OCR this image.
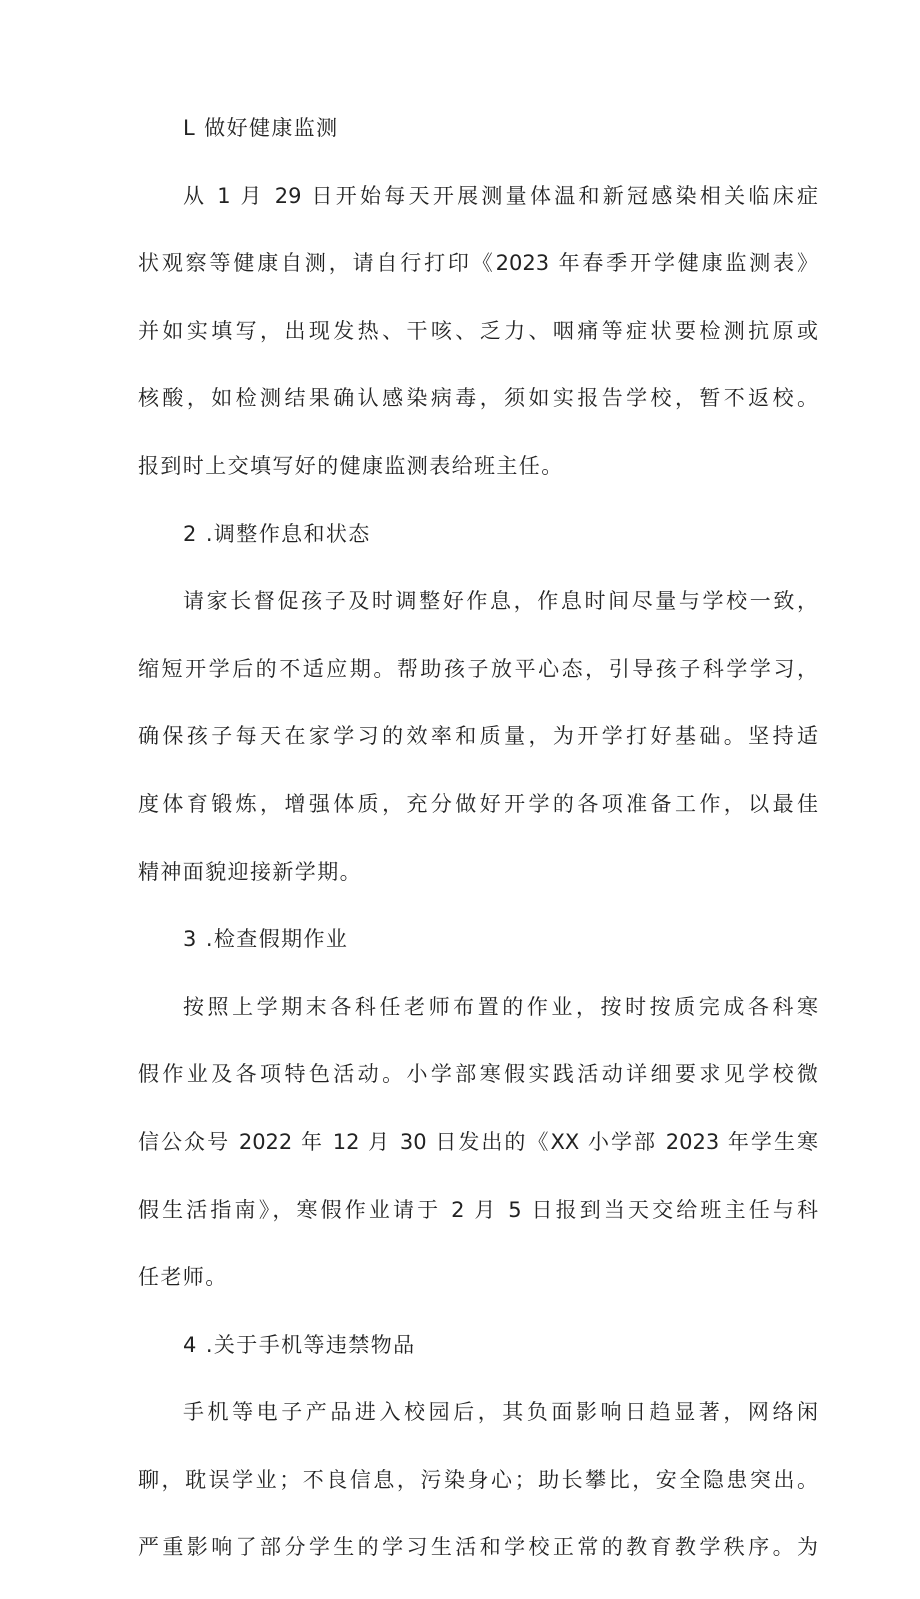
L 做好健康监测
从 1 月 29 日开始每天开展测量体温和新冠感染相关临床症
状观察等健康自测，请自行打印《2023 年春季开学健康监测表》
并如实填写，出现发热、干咳、乏力、咽痛等症状要检测抗原或
核酸，如检测结果确认感染病毒，须如实报告学校，暂不返校。
报到时上交填写好的健康监测表给班主任。
2 .调整作息和状态
请家长督促孩子及时调整好作息，作息时间尽量与学校一致，
缩短开学后的不适应期。帮助孩子放平心态，引导孩子科学学习，
确保孩子每天在家学习的效率和质量，为开学打好基础。坚持适
度体育锻炼，增强体质，充分做好开学的各项准备工作，以最佳
精神面貌迎接新学期。
3 .检查假期作业
按照上学期末各科任老师布置的作业，按时按质完成各科寒
假作业及各项特色活动。小学部寒假实践活动详细要求见学校微
信公众号 2022 年 12 月 30 日发出的《XX 小学部 2023 年学生寒
假生活指南》，寒假作业请于 2 月 5 日报到当天交给班主任与科
任老师。
4 .关于手机等违禁物品
手机等电子产品进入校园后，其负面影响日趋显著，网络闲
聊，耽误学业；不良信息，污染身心；助长攀比，安全隐患突出。
严重影响了部分学生的学习生活和学校正常的教育教学秩序。为
